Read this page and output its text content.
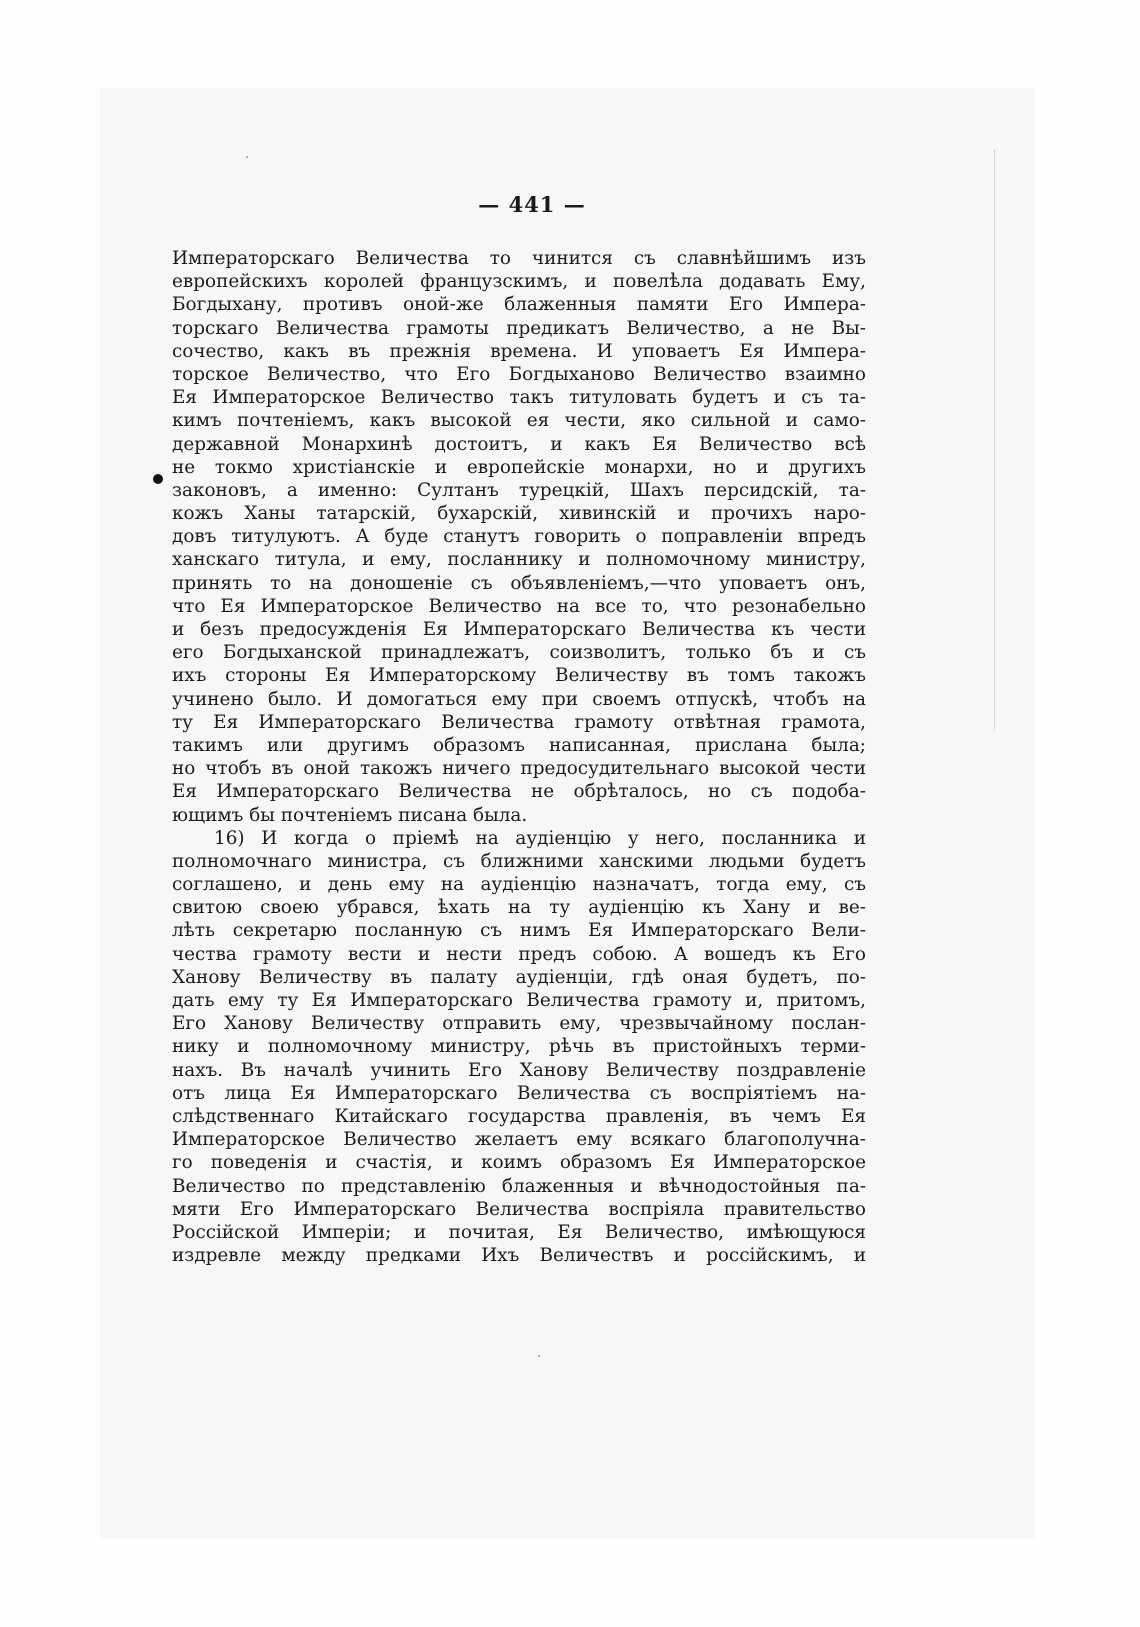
— 441 —
Императорскаго Величества то чинится съ славнѣйшимъ изъ
европейскихъ королей французскимъ, и повелѣла додавать Ему,
Богдыхану, противъ оной-же блаженныя памяти Его Импера-
торскаго Величества грамоты предикатъ Величество, а не Вы-
сочество, какъ въ прежнія времена. И уповаетъ Ея Импера-
торское Величество, что Его Богдыханово Величество взаимно
Ея Императорское Величество такъ титуловать будетъ и съ та-
кимъ почтеніемъ, какъ высокой ея чести, яко сильной и само-
державной Монархинѣ достоитъ, и какъ Ея Величество всѣ
не токмо христіанскіе и европейскіе монархи, но и другихъ
законовъ, а именно: Султанъ турецкій, Шахъ персидскій, та-
кожъ Ханы татарскій, бухарскій, хивинскій и прочихъ наро-
довъ титулуютъ. А буде станутъ говорить о поправленіи впредъ
ханскаго титула, и ему, посланнику и полномочному министру,
принять то на доношеніе съ объявленіемъ,—что уповаетъ онъ,
что Ея Императорское Величество на все то, что резонабельно
и безъ предосужденія Ея Императорскаго Величества къ чести
его Богдыханской принадлежатъ, соизволитъ, только бъ и съ
ихъ стороны Ея Императорскому Величеству въ томъ такожъ
учинено было. И домогаться ему при своемъ отпускѣ, чтобъ на
ту Ея Императорскаго Величества грамоту отвѣтная грамота,
такимъ или другимъ образомъ написанная, прислана была;
но чтобъ въ оной такожъ ничего предосудительнаго высокой чести
Ея Императорскаго Величества не обрѣталось, но съ подоба-
ющимъ бы почтеніемъ писана была.
16) И когда о пріемѣ на аудіенцію у него, посланника и
полномочнаго министра, съ ближними ханскими людьми будетъ
соглашено, и день ему на аудіенцію назначатъ, тогда ему, съ
свитою своею убрався, ѣхать на ту аудіенцію къ Хану и ве-
лѣть секретарю посланную съ нимъ Ея Императорскаго Вели-
чества грамоту вести и нести предъ собою. А вошедъ къ Его
Ханову Величеству въ палату аудіенціи, гдѣ оная будетъ, по-
дать ему ту Ея Императорскаго Величества грамоту и, притомъ,
Его Ханову Величеству отправить ему, чрезвычайному послан-
нику и полномочному министру, рѣчь въ пристойныхъ терми-
нахъ. Въ началѣ учинить Его Ханову Величеству поздравленіе
отъ лица Ея Императорскаго Величества съ воспріятіемъ на-
слѣдственнаго Китайскаго государства правленія, въ чемъ Ея
Императорское Величество желаетъ ему всякаго благополучна-
го поведенія и счастія, и коимъ образомъ Ея Императорское
Величество по представленію блаженныя и вѣчнодостойныя па-
мяти Его Императорскаго Величества воспріяла правительство
Россійской Имперіи; и почитая, Ея Величество, имѣющуюся
издревле между предками Ихъ Величествъ и россійскимъ, и
